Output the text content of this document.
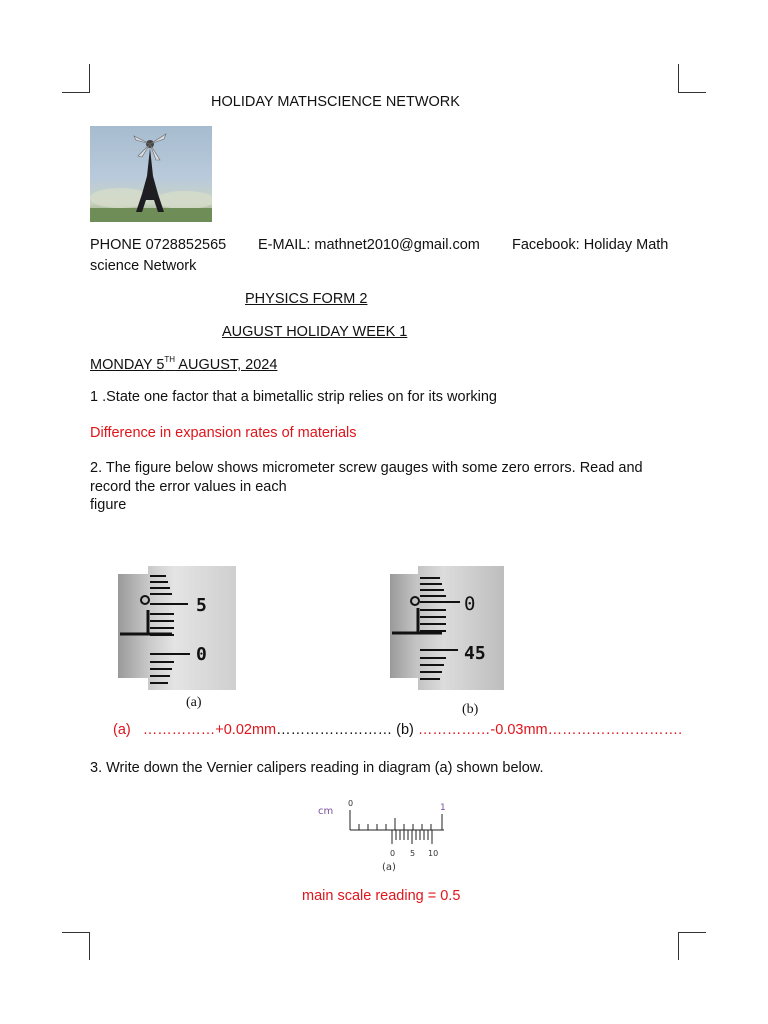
HOLIDAY MATHSCIENCE NETWORK
PHONE 0728852565 E-MAIL: mathnet2010@gmail.com Facebook: Holiday Math
science Network
PHYSICS FORM 2
AUGUST HOLIDAY WEEK 1
MONDAY 5TH AUGUST, 2024
1 .State one factor that a bimetallic strip relies on for its working
Difference in expansion rates of materials
2. The figure below shows micrometer screw gauges with some zero errors. Read and
record the error values in each
figure
5
0
(a)
0
45
(b)
(a) ……………+0.02mm…………………… (b) ……………-0.03mm……………………….
3. Write down the Vernier calipers reading in diagram (a) shown below.
cm
0	1
0 5 10
(a)
main scale reading = 0.5
